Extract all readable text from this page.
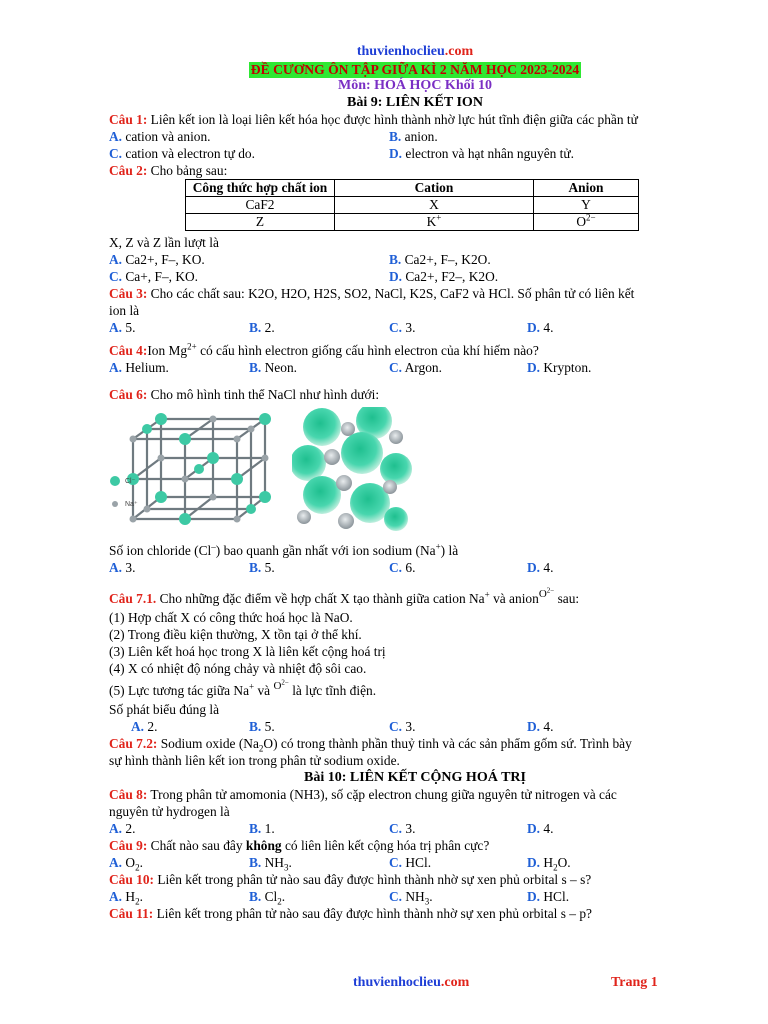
thuvienhoclieu.com
ĐỀ CƯƠNG ÔN TẬP GIỮA KÌ 2 NĂM HỌC 2023-2024
Môn: HOÁ HỌC Khối 10
Bài 9: LIÊN KẾT ION

Câu 1: Liên kết ion là loại liên kết hóa học được hình thành nhờ lực hút tĩnh điện giữa các phần tử

A. cation và anion.	B. anion.
C. cation và electron tự do.	D. electron và hạt nhân nguyên tử.

Câu 2: Cho bảng sau:

Công thức hợp chất ion	Cation	Anion
CaF2	X	Y
Z	K+	$O^{2-}$

X, Z và Z lần lượt là

A. Ca2+, F–, KO.	B. Ca2+, F–, K2O.
C. Ca+, F–, KO.	D. Ca2+, F2–, K2O.

Câu 3: Cho các chất sau: K2O, H2O, H2S, SO2, NaCl, K2S, CaF2 và HCl. Số phân tử có liên kết

ion là

A. 5.	B. 2.	C. 3.	D. 4.

Câu 4:Ion $Mg^{2+}$ có cấu hình electron giống cấu hình electron của khí hiếm nào?

A. Helium.	B. Neon.	C. Argon.	D. Krypton.

Câu 6: Cho mô hình tinh thể NaCl như hình dưới:

Cl⁻
Na⁺

Số ion chloride (Cl–) bao quanh gần nhất với ion sodium (Na+) là

A. 3.	B. 5.	C. 6.	D. 4.

Câu 7.1. Cho những đặc điểm về hợp chất X tạo thành giữa cation Na+ và anion$^{O^{2-}}$ sau:

(1) Hợp chất X có công thức hoá học là NaO.

(2) Trong điều kiện thường, X tồn tại ở thể khí.

(3) Liên kết hoá học trong X là liên kết cộng hoá trị

(4) X có nhiệt độ nóng chảy và nhiệt độ sôi cao.

(5) Lực tương tác giữa Na+ và $^{O^{2-}}$ là lực tĩnh điện.

Số phát biểu đúng là

A. 2.	B. 5.	C. 3.	D. 4.

Câu 7.2: Sodium oxide $(Na_2O)$ có trong thành phần thuỷ tinh và các sản phẩm gốm sứ. Trình bày

sự hình thành liên kết ion trong phân tử sodium oxide.

Bài 10: LIÊN KẾT CỘNG HOÁ TRỊ

Câu 8: Trong phân tử amomonia (NH3), số cặp electron chung giữa nguyên tử nitrogen và các

nguyên tử hydrogen là

A. 2.	B. 1.	C. 3.	D. 4.

Câu 9: Chất nào sau đây không có liên liên kết cộng hóa trị phân cực?

A. $O_2$.	B. $NH_3$.	C. HCl.	D. $H_2O$.

Câu 10: Liên kết trong phân tử nào sau đây được hình thành nhờ sự xen phủ orbital s – s?

A. $H_2$.	B. $Cl_2$.	C. $NH_3$.	D. HCl.

Câu 11: Liên kết trong phân tử nào sau đây được hình thành nhờ sự xen phủ orbital s – p?

thuvienhoclieu.com	Trang 1
